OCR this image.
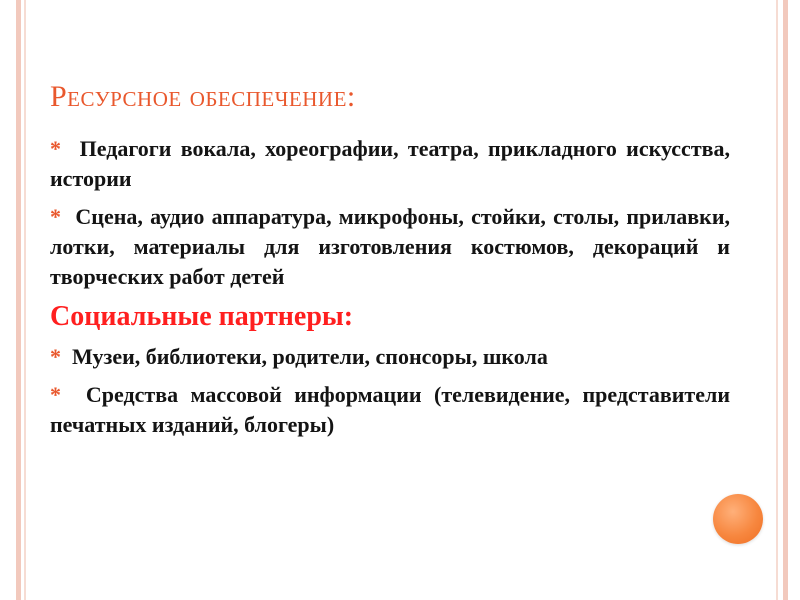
Ресурсное обеспечение:
*  Педагоги вокала, хореографии, театра, прикладного искусства, истории
*  Сцена, аудио аппаратура, микрофоны, стойки, столы, прилавки, лотки, материалы для изготовления костюмов, декораций и творческих работ детей
Социальные партнеры:
*  Музеи, библиотеки, родители, спонсоры, школа
*  Средства массовой информации (телевидение, представители печатных изданий, блогеры)
